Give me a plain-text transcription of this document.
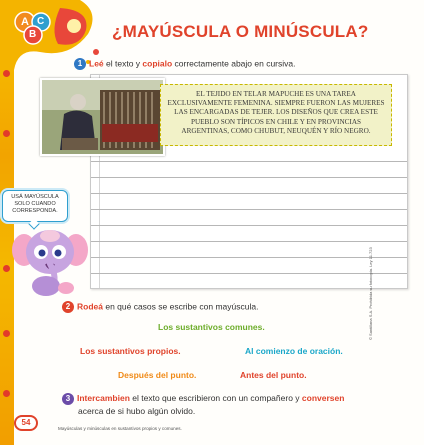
A C
B	¿MAYÚSCULA O MINÚSCULA?
1 Leé el texto y copialo correctamente abajo en cursiva.

EL TEJIDO EN TELAR MAPUCHE ES UNA TAREA EXCLUSIVAMENTE FEMENINA. SIEMPRE FUERON LAS MUJERES LAS ENCARGADAS DE TEJER. LOS DISEÑOS QUE CREA ESTE PUEBLO SON TÍPICOS EN CHILE Y EN PROVINCIAS ARGENTINAS, COMO CHUBUT, NEUQUÉN Y RÍO NEGRO.

USÁ MAYÚSCULA
SOLO CUANDO
CORRESPONDA.
2 Rodeá en qué casos se escribe con mayúscula.
Los sustantivos comunes.
Los sustantivos propios.	Al comienzo de oración.
Después del punto.	Antes del punto.
3 Intercambien el texto que escribieron con un compañero y conversen
acerca de si hubo algún olvido.
54
Mayúsculas y minúsculas en sustantivos propios y comunes.
© Santillana S.A. Prohibida su fotocopia. Ley 11.723
